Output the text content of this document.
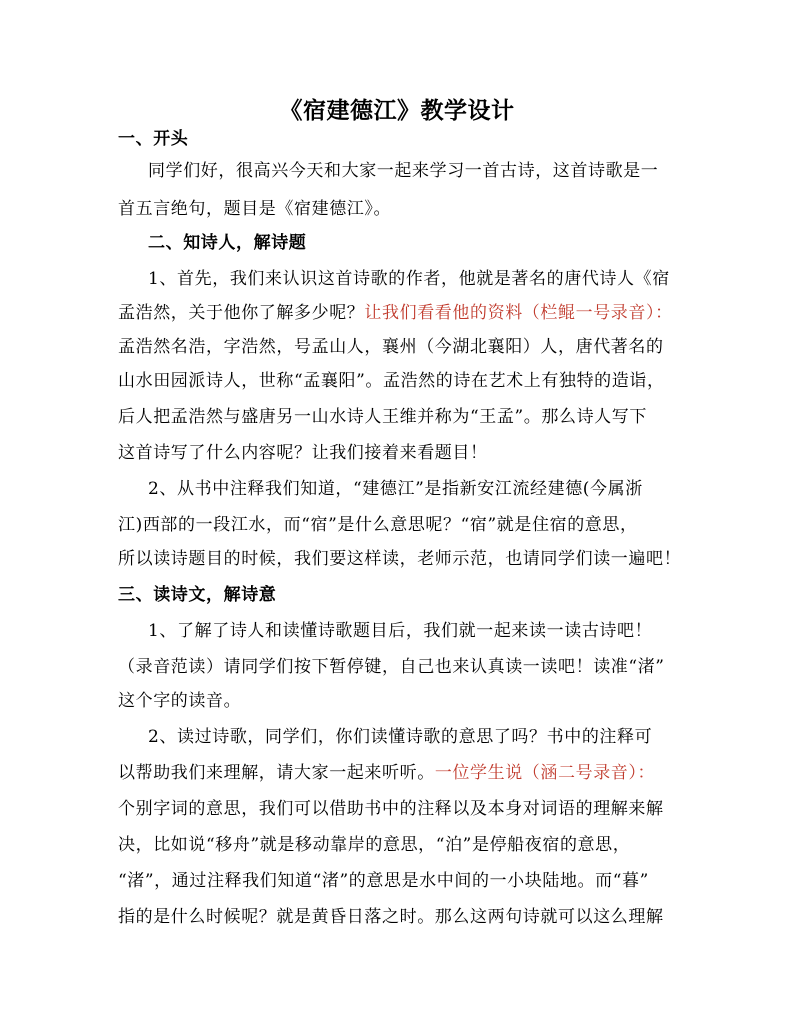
《宿建德江》教学设计
一、开头
同学们好，很高兴今天和大家一起来学习一首古诗，这首诗歌是一
首五言绝句，题目是《宿建德江》。
二、知诗人，解诗题
1、首先，我们来认识这首诗歌的作者，他就是著名的唐代诗人《宿
孟浩然，关于他你了解多少呢？让我们看看他的资料（栏鲲一号录音）：
孟浩然名浩，字浩然，号孟山人，襄州（今湖北襄阳）人，唐代著名的
山水田园派诗人，世称“孟襄阳”。孟浩然的诗在艺术上有独特的造诣，
后人把孟浩然与盛唐另一山水诗人王维并称为“王孟”。那么诗人写下
这首诗写了什么内容呢？让我们接着来看题目！
2、从书中注释我们知道，“建德江”是指新安江流经建德(今属浙
江)西部的一段江水，而“宿”是什么意思呢？“宿”就是住宿的意思，
所以读诗题目的时候，我们要这样读，老师示范，也请同学们读一遍吧！
三、读诗文，解诗意
1、了解了诗人和读懂诗歌题目后，我们就一起来读一读古诗吧！
（录音范读）请同学们按下暂停键，自己也来认真读一读吧！读准“渚”
这个字的读音。
2、读过诗歌，同学们，你们读懂诗歌的意思了吗？书中的注释可
以帮助我们来理解，请大家一起来听听。一位学生说（涵二号录音）：
个别字词的意思，我们可以借助书中的注释以及本身对词语的理解来解
决，比如说“移舟”就是移动靠岸的意思，“泊”是停船夜宿的意思，
“渚”，通过注释我们知道“渚”的意思是水中间的一小块陆地。而“暮”
指的是什么时候呢？就是黄昏日落之时。那么这两句诗就可以这么理解
